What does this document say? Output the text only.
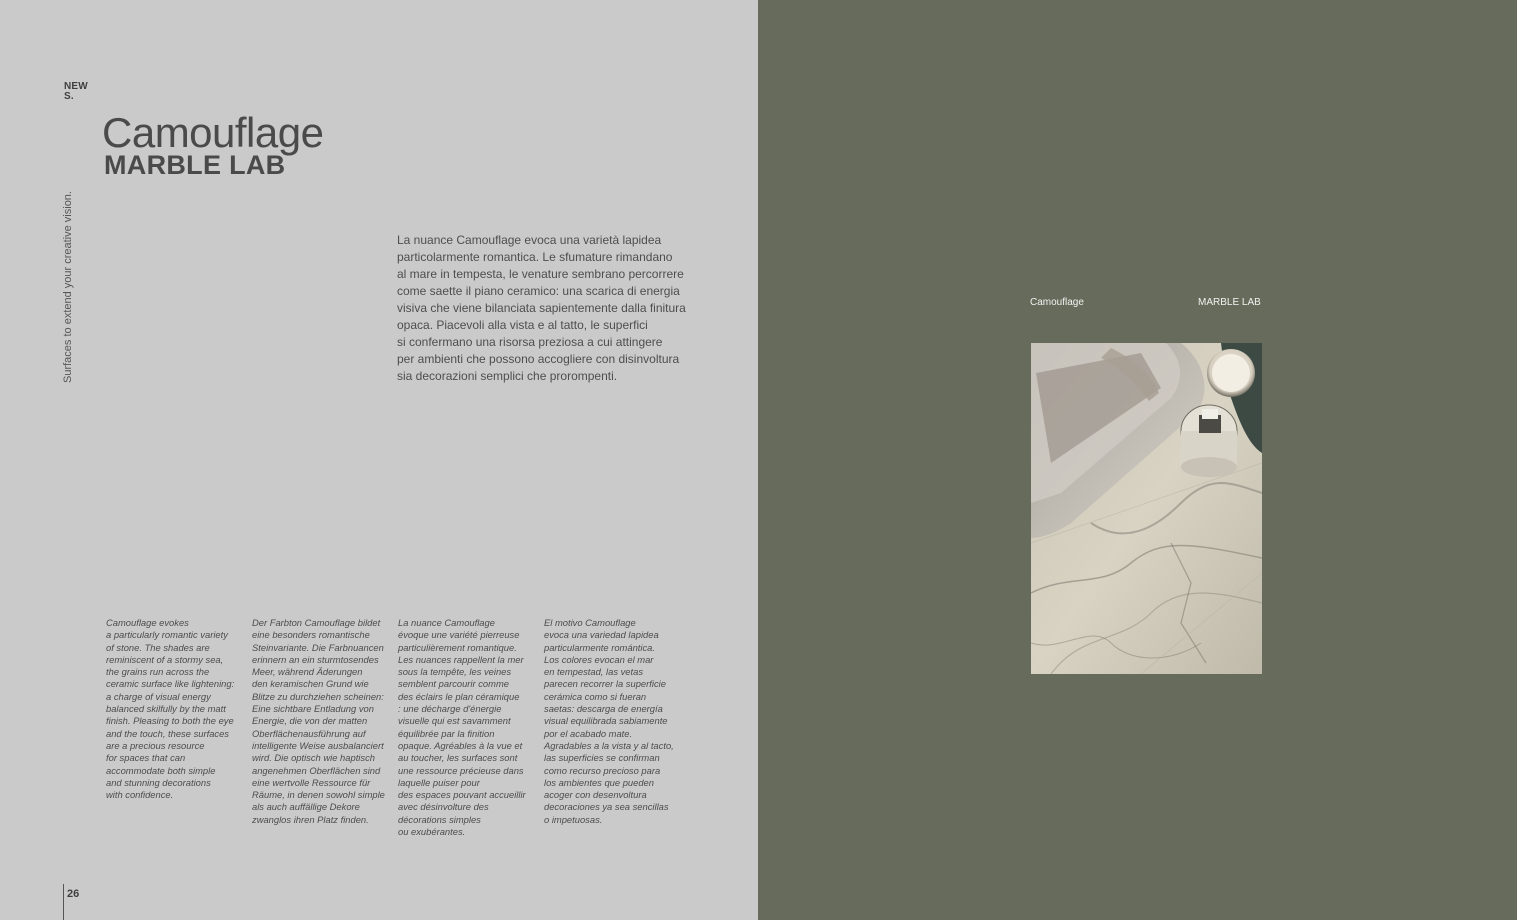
NEW
S.
Camouflage
MARBLE LAB
Surfaces to extend your creative vision.	La nuance Camouflage evoca una varietà lapidea

particolarmente romantica. Le sfumature rimandano

al mare in tempesta, le venature sembrano percorrere

come saette il piano ceramico: una scarica di energia

visiva che viene bilanciata sapientemente dalla finitura

opaca. Piacevoli alla vista e al tatto, le superfici

si confermano una risorsa preziosa a cui attingere

per ambienti che possono accogliere con disinvoltura

sia decorazioni semplici che prorompenti.

Camouflage evokes
a particularly romantic variety
of stone. The shades are
reminiscent of a stormy sea,
the grains run across the
ceramic surface like lightening:
a charge of visual energy
balanced skilfully by the matt
finish. Pleasing to both the eye
and the touch, these surfaces
are a precious resource
for spaces that can
accommodate both simple
and stunning decorations
with confidence.
Der Farbton Camouflage bildet
eine besonders romantische
Steinvariante. Die Farbnuancen
erinnern an ein sturmtosendes
Meer, während Äderungen
den keramischen Grund wie
Blitze zu durchziehen scheinen:
Eine sichtbare Entladung von
Energie, die von der matten
Oberflächenausführung auf
intelligente Weise ausbalanciert
wird. Die optisch wie haptisch
angenehmen Oberflächen sind
eine wertvolle Ressource für
Räume, in denen sowohl simple
als auch auffällige Dekore
zwanglos ihren Platz finden.
La nuance Camouflage
évoque une variété pierreuse
particulièrement romantique.
Les nuances rappellent la mer
sous la tempête, les veines
semblent parcourir comme
des éclairs le plan céramique
: une décharge d'énergie
visuelle qui est savamment
équilibrée par la finition
opaque. Agréables à la vue et
au toucher, les surfaces sont
une ressource précieuse dans
laquelle puiser pour
des espaces pouvant accueillir
avec désinvolture des
décorations simples
ou exubérantes.
El motivo Camouflage
evoca una variedad lapidea
particularmente romántica.
Los colores evocan el mar
en tempestad, las vetas
parecen recorrer la superficie
cerámica como si fueran
saetas: descarga de energía
visual equilibrada sabiamente
por el acabado mate.
Agradables a la vista y al tacto,
las superficies se confirman
como recurso precioso para
los ambientes que pueden
acoger con desenvoltura
decoraciones ya sea sencillas
o impetuosas.
26
Camouflage	MARBLE LAB
